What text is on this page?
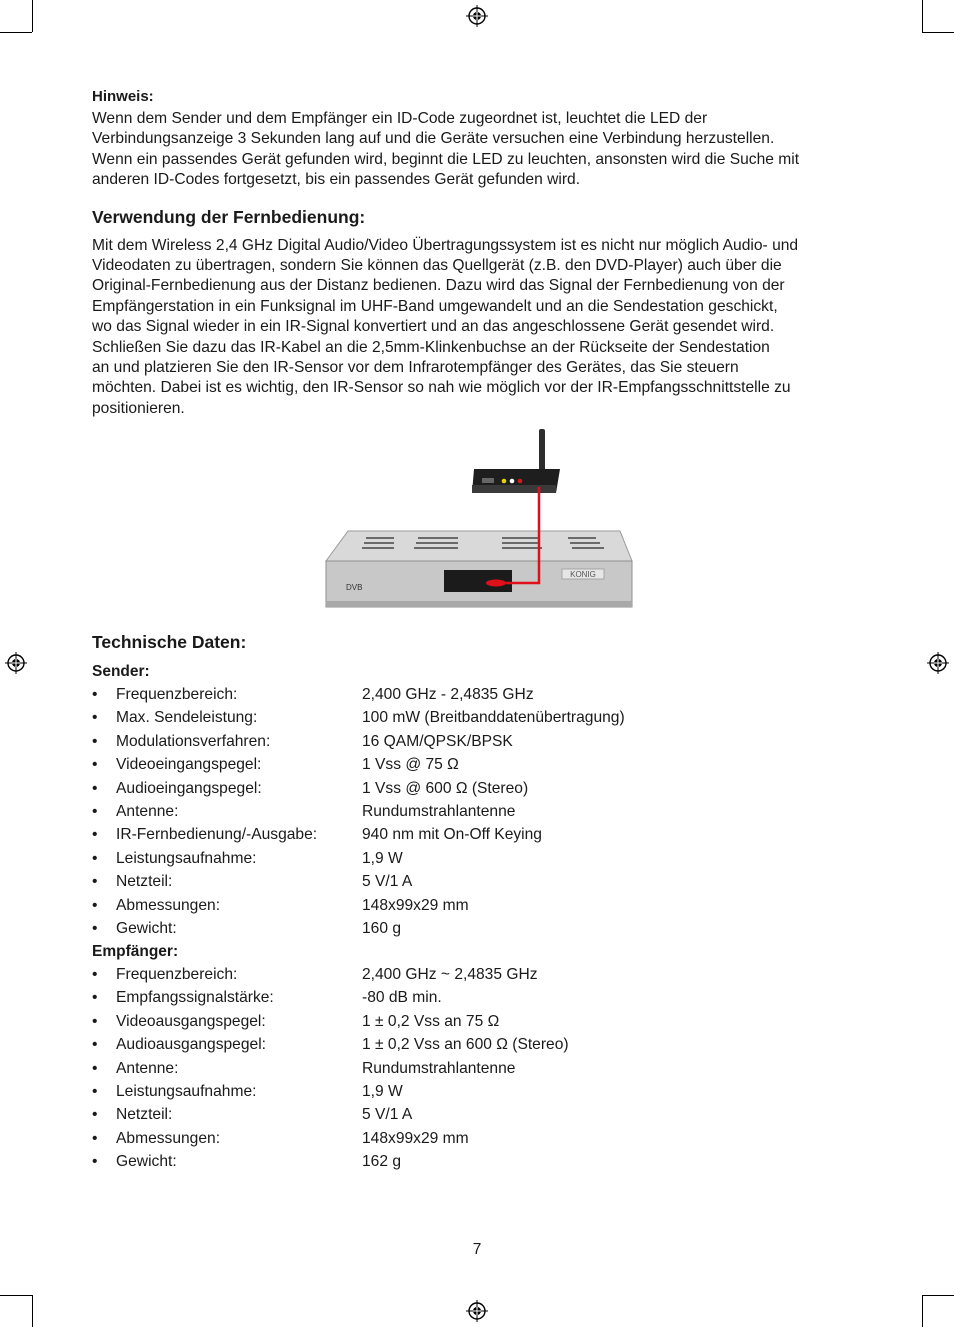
Hinweis:

Wenn dem Sender und dem Empfänger ein ID-Code zugeordnet ist, leuchtet die LED der

Verbindungsanzeige 3 Sekunden lang auf und die Geräte versuchen eine Verbindung herzustellen.

Wenn ein passendes Gerät gefunden wird, beginnt die LED zu leuchten, ansonsten wird die Suche mit

anderen ID-Codes fortgesetzt, bis ein passendes Gerät gefunden wird.

Verwendung der Fernbedienung:

Mit dem Wireless 2,4 GHz Digital Audio/Video Übertragungssystem ist es nicht nur möglich Audio- und

Videodaten zu übertragen, sondern Sie können das Quellgerät (z.B. den DVD-Player) auch über die

Original-Fernbedienung aus der Distanz bedienen. Dazu wird das Signal der Fernbedienung von der

Empfängerstation in ein Funksignal im UHF-Band umgewandelt und an die Sendestation geschickt,

wo das Signal wieder in ein IR-Signal konvertiert und an das angeschlossene Gerät gesendet wird.

Schließen Sie dazu das IR-Kabel an die 2,5mm-Klinkenbuchse an der Rückseite der Sendestation

an und platzieren Sie den IR-Sensor vor dem Infrarotempfänger des Gerätes, das Sie steuern

möchten. Dabei ist es wichtig, den IR-Sensor so nah wie möglich vor der IR-Empfangsschnittstelle zu

positionieren.

KONIG
DVB
Technische Daten:
Sender:
Empfänger:
• Frequenzbereich:	2,400 GHz - 2,4835 GHz
• Max. Sendeleistung:	100 mW (Breitbanddatenübertragung)
• Modulationsverfahren:	16 QAM/QPSK/BPSK
• Videoeingangspegel:	1 Vss @ 75 Ω
• Audioeingangspegel:	1 Vss @ 600 Ω (Stereo)
• Antenne:	Rundumstrahlantenne
• IR-Fernbedienung/-Ausgabe:	940 nm mit On-Off Keying
• Leistungsaufnahme:	1,9 W
• Netzteil:	5 V/1 A
• Abmessungen:	148x99x29 mm
• Gewicht:	160 g
• Frequenzbereich:	2,400 GHz ~ 2,4835 GHz
• Empfangssignalstärke:	-80 dB min.
• Videoausgangspegel:	1 ± 0,2 Vss an 75 Ω
• Audioausgangspegel:	1 ± 0,2 Vss an 600 Ω (Stereo)
• Antenne:	Rundumstrahlantenne
• Leistungsaufnahme:	1,9 W
• Netzteil:	5 V/1 A
• Abmessungen:	148x99x29 mm
• Gewicht:	162 g
7
